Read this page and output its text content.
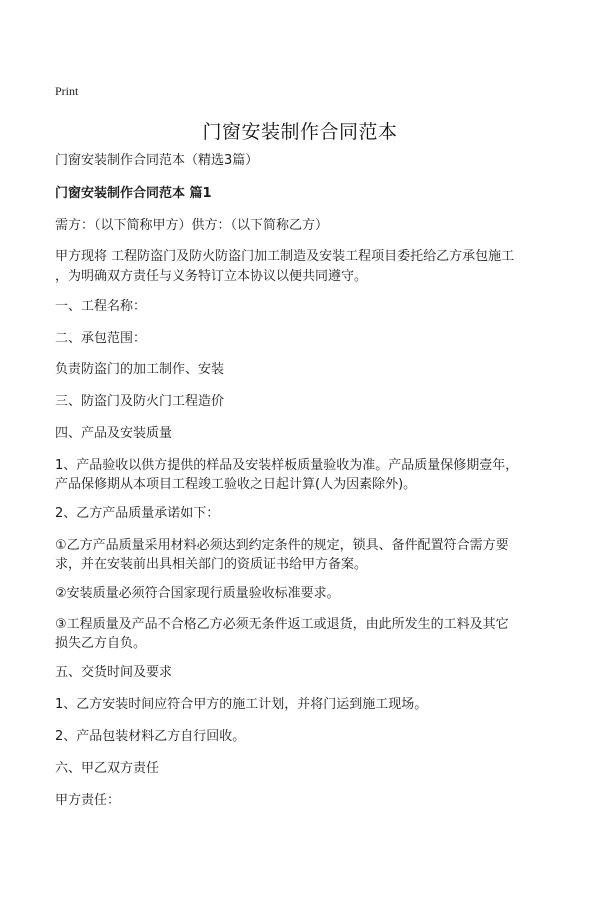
Print
门窗安装制作合同范本
门窗安装制作合同范本（精选3篇）
门窗安装制作合同范本 篇1
需方：（以下简称甲方）供方：（以下简称乙方）
甲方现将 工程防盗门及防火防盗门加工制造及安装工程项目委托给乙方承包施工
，为明确双方责任与义务特订立本协议以便共同遵守。
一、工程名称：
二、承包范围：
负责防盗门的加工制作、安装
三、防盗门及防火门工程造价
四、产品及安装质量
1、产品验收以供方提供的样品及安装样板质量验收为准。产品质量保修期壹年，
产品保修期从本项目工程竣工验收之日起计算(人为因素除外)。
2、乙方产品质量承诺如下：
①乙方产品质量采用材料必须达到约定条件的规定，锁具、备件配置符合需方要
求，并在安装前出具相关部门的资质证书给甲方备案。
②安装质量必须符合国家现行质量验收标准要求。
③工程质量及产品不合格乙方必须无条件返工或退货，由此所发生的工料及其它
损失乙方自负。
五、交货时间及要求
1、乙方安装时间应符合甲方的施工计划，并将门运到施工现场。
2、产品包装材料乙方自行回收。
六、甲乙双方责任
甲方责任：
